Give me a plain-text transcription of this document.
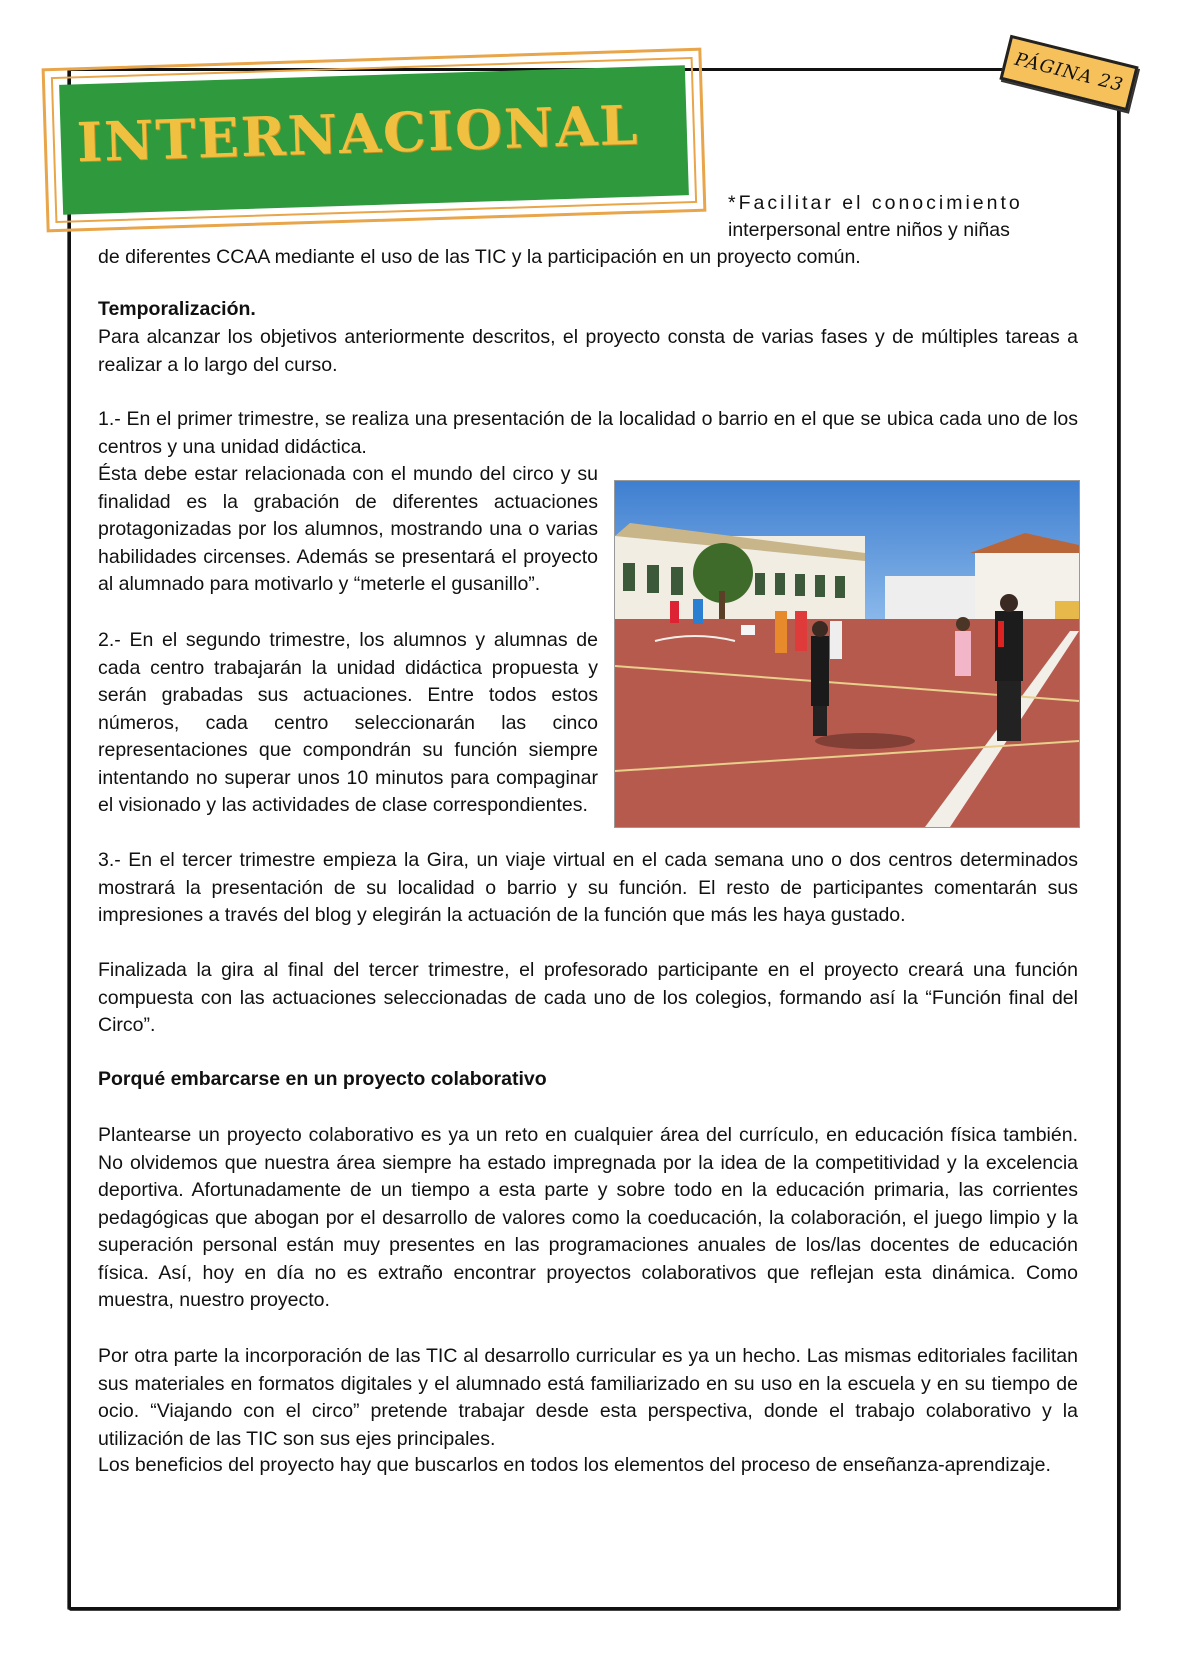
INTERNACIONAL
PÁGINA 23

*Facilitar el conocimiento
interpersonal entre niños y niñas

de diferentes CCAA mediante el uso de las TIC y la participación en un proyecto común.

Temporalización.

Para alcanzar los objetivos anteriormente descritos, el proyecto consta de varias fases y de múltiples tareas a realizar a lo largo del curso.

1.- En el primer trimestre, se realiza una presentación de la localidad o barrio en el que se ubica cada uno de los centros y una unidad didáctica.

Ésta debe estar relacionada con el mundo del circo y su finalidad es la grabación de diferentes actuaciones protagonizadas por los alumnos, mostrando una o varias habilidades circenses. Además se presentará el proyecto al alumnado para motivarlo y “meterle el gusanillo”.

2.- En el segundo trimestre, los alumnos y alumnas de cada centro trabajarán la unidad didáctica propuesta y serán grabadas sus actuaciones. Entre todos estos números, cada centro seleccionarán las cinco representaciones que compondrán su función siempre intentando no superar unos 10 minutos para compaginar el visionado y las actividades de clase correspondientes.

3.- En el tercer trimestre empieza la Gira, un viaje virtual en el cada semana uno o dos centros determinados mostrará la presentación de su localidad o barrio y su función. El resto de participantes comentarán sus impresiones a través del blog y elegirán la actuación de la función que más les haya gustado.

Finalizada la gira al final del tercer trimestre, el profesorado participante en el proyecto creará una función compuesta con las actuaciones seleccionadas de cada uno de los colegios, formando así la “Función final del Circo”.

Porqué embarcarse en un proyecto colaborativo

Plantearse un proyecto colaborativo es ya un reto en cualquier área del currículo, en educación física también. No olvidemos que nuestra área siempre ha estado impregnada por la idea de la competitividad y la excelencia deportiva. Afortunadamente de un tiempo a esta parte y sobre todo en la educación primaria, las corrientes pedagógicas que abogan por el desarrollo de valores como la coeducación, la colaboración, el juego limpio y la superación personal están muy presentes en las programaciones anuales de los/las docentes de educación física. Así, hoy en día no es extraño encontrar proyectos colaborativos que reflejan esta dinámica. Como muestra, nuestro proyecto.

Por otra parte la incorporación de las TIC al desarrollo curricular es ya un hecho. Las mismas editoriales facilitan sus materiales en formatos digitales y el alumnado está familiarizado en su uso en la escuela y en su tiempo de ocio. “Viajando con el circo” pretende trabajar desde esta perspectiva, donde el trabajo colaborativo y la utilización de las TIC son sus ejes principales.

Los beneficios del proyecto hay que buscarlos en todos los elementos del proceso de enseñanza-aprendizaje.
